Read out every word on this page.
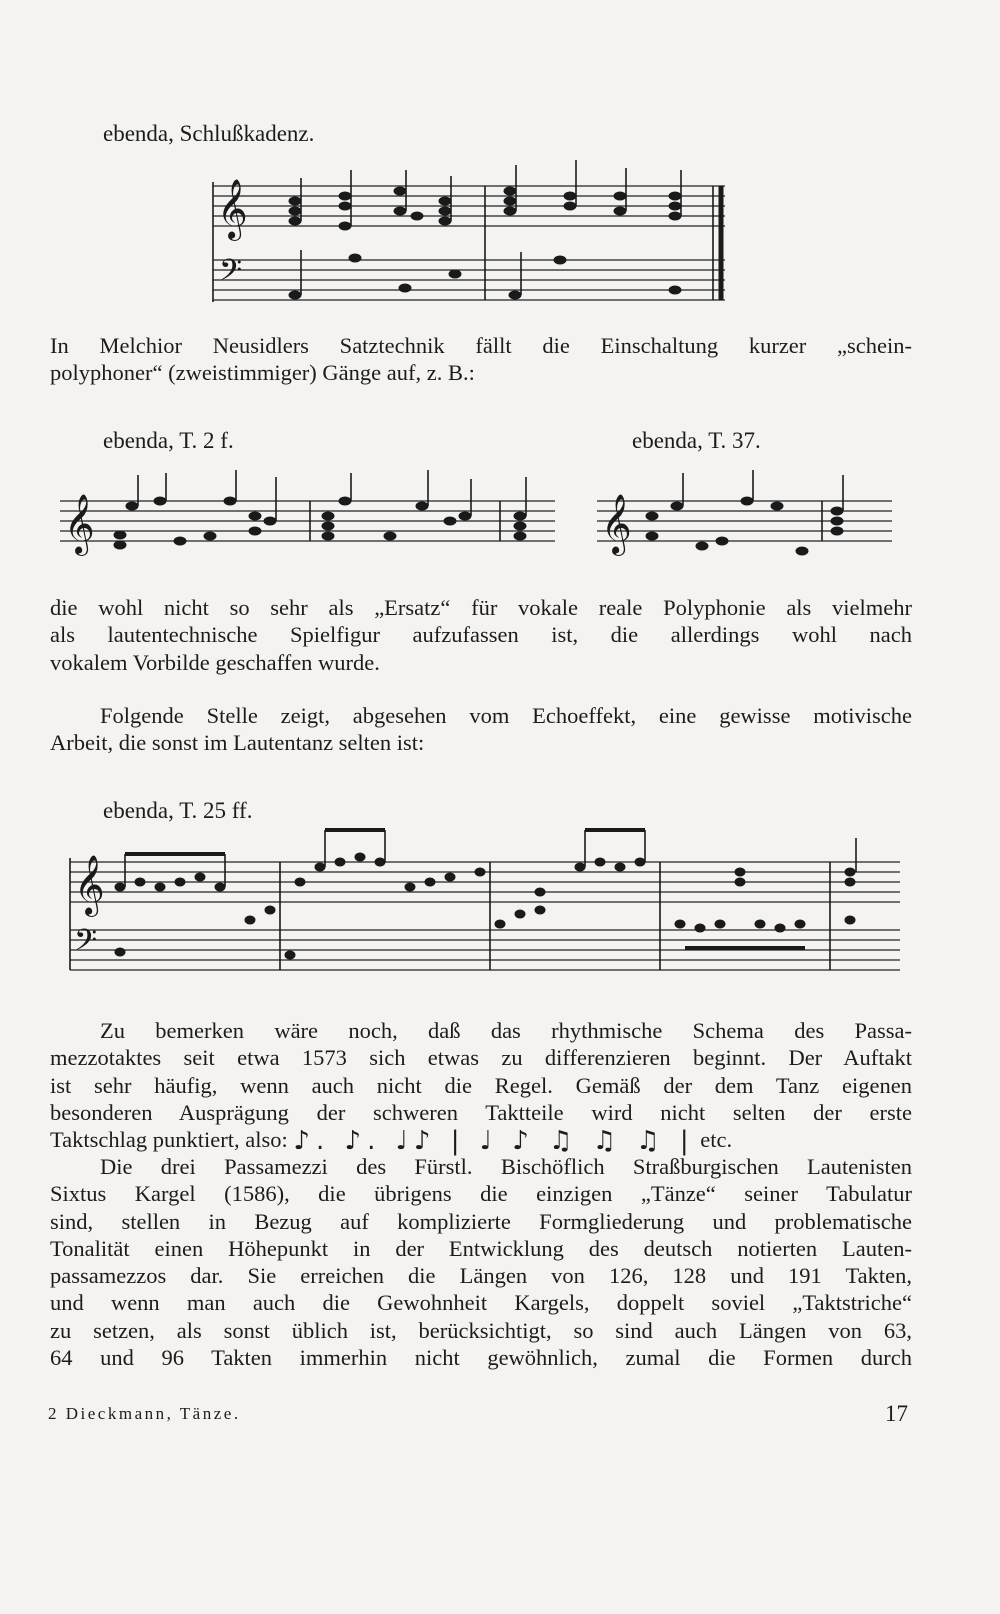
ebenda, Schlußkadenz.
𝄞
𝄢

In Melchior Neusidlers Satztechnik fällt die Einschaltung kurzer „schein-
polyphoner“ (zweistimmiger) Gänge auf, z. B.:

ebenda, T. 2 f.	ebenda, T. 37.
𝄞	𝄞

die wohl nicht so sehr als „Ersatz“ für vokale reale Polyphonie als vielmehr
als lautentechnische Spielfigur aufzufassen ist, die allerdings wohl nach
vokalem Vorbilde geschaffen wurde.

Folgende Stelle zeigt, abgesehen vom Echoeffekt, eine gewisse motivische
Arbeit, die sonst im Lautentanz selten ist:

ebenda, T. 25 ff.
𝄞
𝄢

Zu bemerken wäre noch, daß das rhythmische Schema des Passa-
mezzotaktes seit etwa 1573 sich etwas zu differenzieren beginnt. Der Auftakt
ist sehr häufig, wenn auch nicht die Regel. Gemäß der dem Tanz eigenen
besonderen Ausprägung der schweren Taktteile wird nicht selten der erste
Taktschlag punktiert, also: ♪. ♪. ♩♪ | ♩ ♪ ♫ ♫ ♫ | etc.

Die drei Passamezzi des Fürstl. Bischöflich Straßburgischen Lautenisten
Sixtus Kargel (1586), die übrigens die einzigen „Tänze“ seiner Tabulatur
sind, stellen in Bezug auf komplizierte Formgliederung und problematische
Tonalität einen Höhepunkt in der Entwicklung des deutsch notierten Lauten-
passamezzos dar. Sie erreichen die Längen von 126, 128 und 191 Takten,
und wenn man auch die Gewohnheit Kargels, doppelt soviel „Taktstriche“
zu setzen, als sonst üblich ist, berücksichtigt, so sind auch Längen von 63,
64 und 96 Takten immerhin nicht gewöhnlich, zumal die Formen durch

2 Dieckmann, Tänze.	17
